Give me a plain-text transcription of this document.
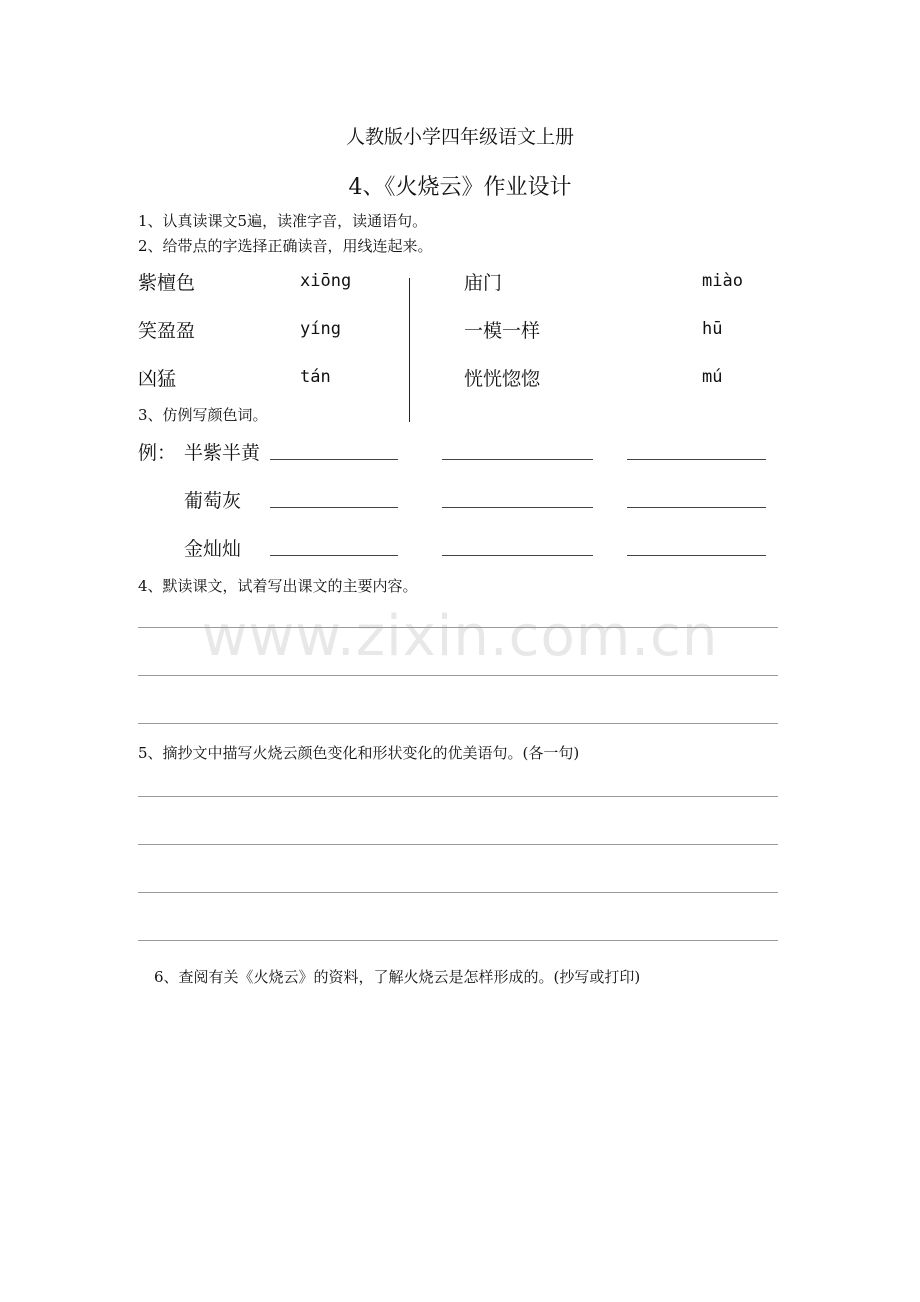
人教版小学四年级语文上册
4、《火烧云》作业设计
1、认真读课文5遍，读准字音，读通语句。
2、给带点的字选择正确读音，用线连起来。
紫檀色	xiōng	庙门	miào
笑盈盈	yíng	一模一样	hū
凶猛	tán	恍恍惚惚	mú
3、仿例写颜色词。
例： 半紫半黄
葡萄灰
金灿灿
4、默读课文，试着写出课文的主要内容。
5、摘抄文中描写火烧云颜色变化和形状变化的优美语句。(各一句)
6、查阅有关《火烧云》的资料，了解火烧云是怎样形成的。(抄写或打印)
www.zixin.com.cn
